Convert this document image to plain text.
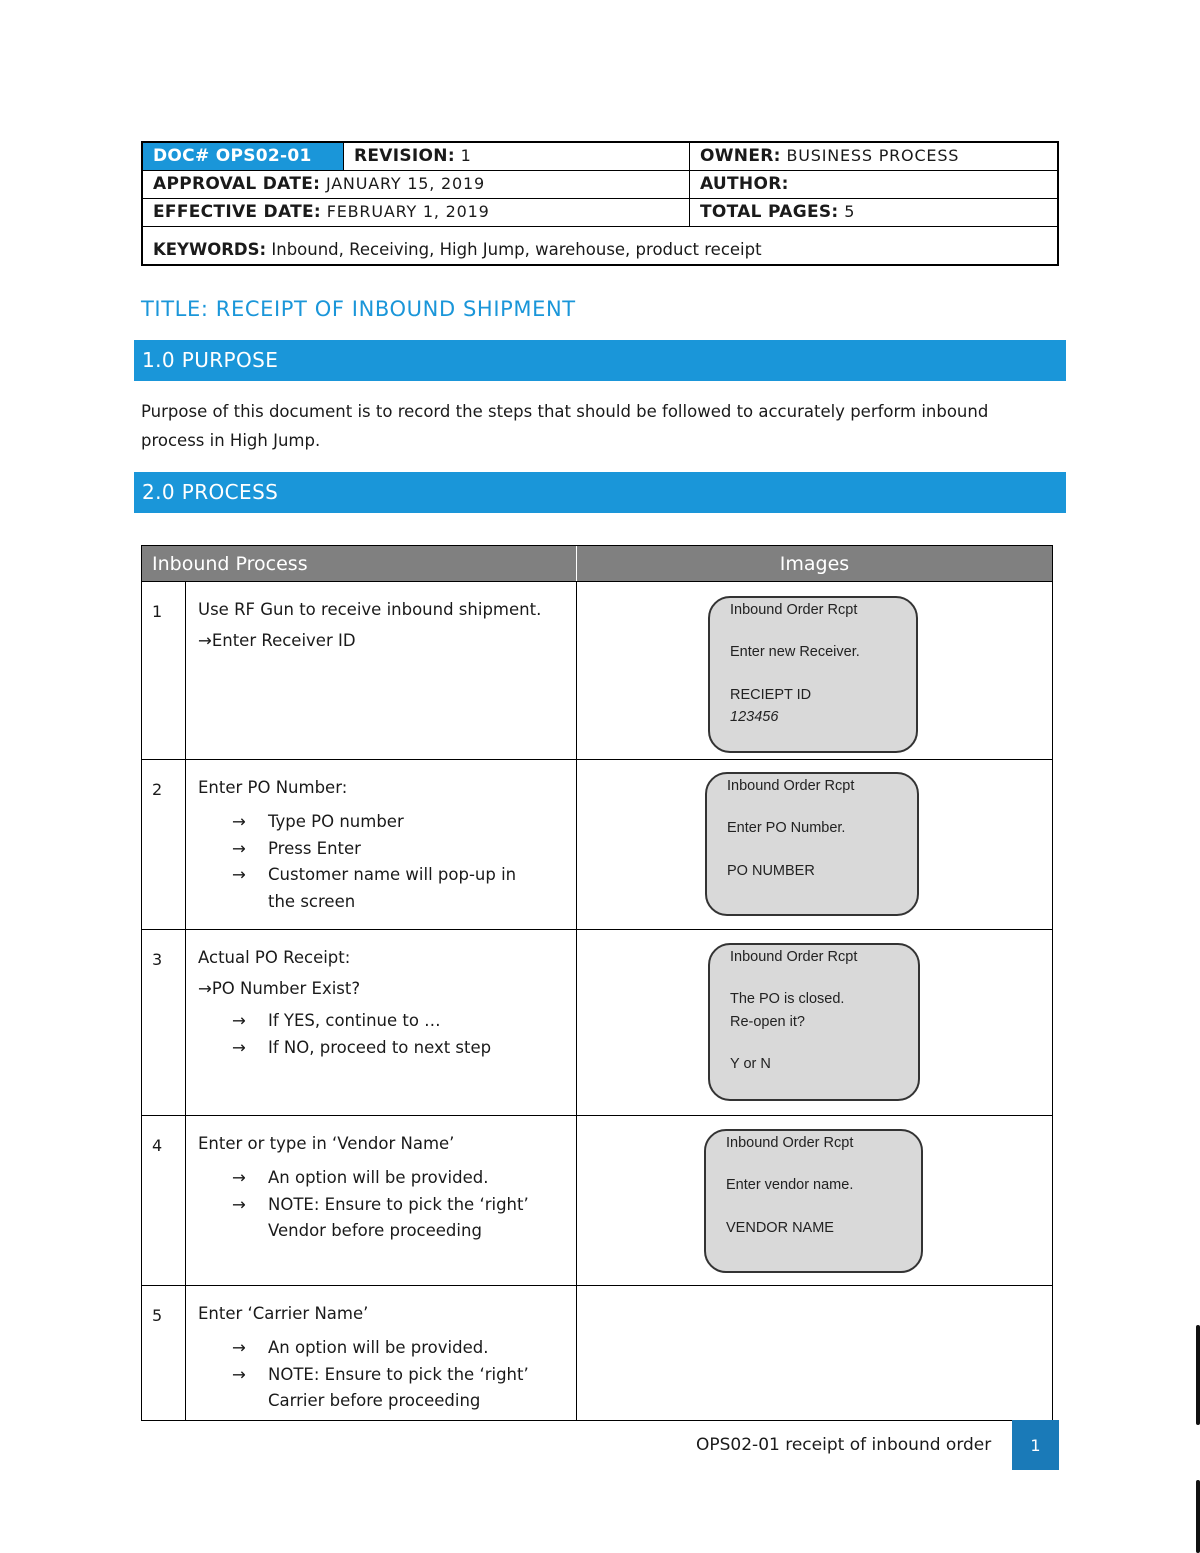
DOC# OPS02-01	REVISION: 1	OWNER: BUSINESS PROCESS
APPROVAL DATE: JANUARY 15, 2019	AUTHOR:
EFFECTIVE DATE: FEBRUARY 1, 2019	TOTAL PAGES: 5
KEYWORDS: Inbound, Receiving, High Jump, warehouse, product receipt
TITLE: RECEIPT OF INBOUND SHIPMENT
1.0 PURPOSE
Purpose of this document is to record the steps that should be followed to accurately perform inbound
process in High Jump.
2.0 PROCESS
Inbound Process	Images
1	Use RF Gun to receive inbound shipment.
→Enter Receiver ID
Inbound Order Rcpt
Enter new Receiver.
RECIEPT ID
123456
2	Enter PO Number:
→ Type PO number
→ Press Enter
→ Customer name will pop-up in
the screen
Inbound Order Rcpt
Enter PO Number.
PO NUMBER
3	Actual PO Receipt:
→PO Number Exist?
→ If YES, continue to …
→ If NO, proceed to next step
Inbound Order Rcpt
The PO is closed.
Re-open it?
Y or N
4	Enter or type in ‘Vendor Name’
→ An option will be provided.
→ NOTE: Ensure to pick the ‘right’
Vendor before proceeding
Inbound Order Rcpt
Enter vendor name.
VENDOR NAME
5	Enter ‘Carrier Name’
→ An option will be provided.
→ NOTE: Ensure to pick the ‘right’
Carrier before proceeding
OPS02-01 receipt of inbound order	1
